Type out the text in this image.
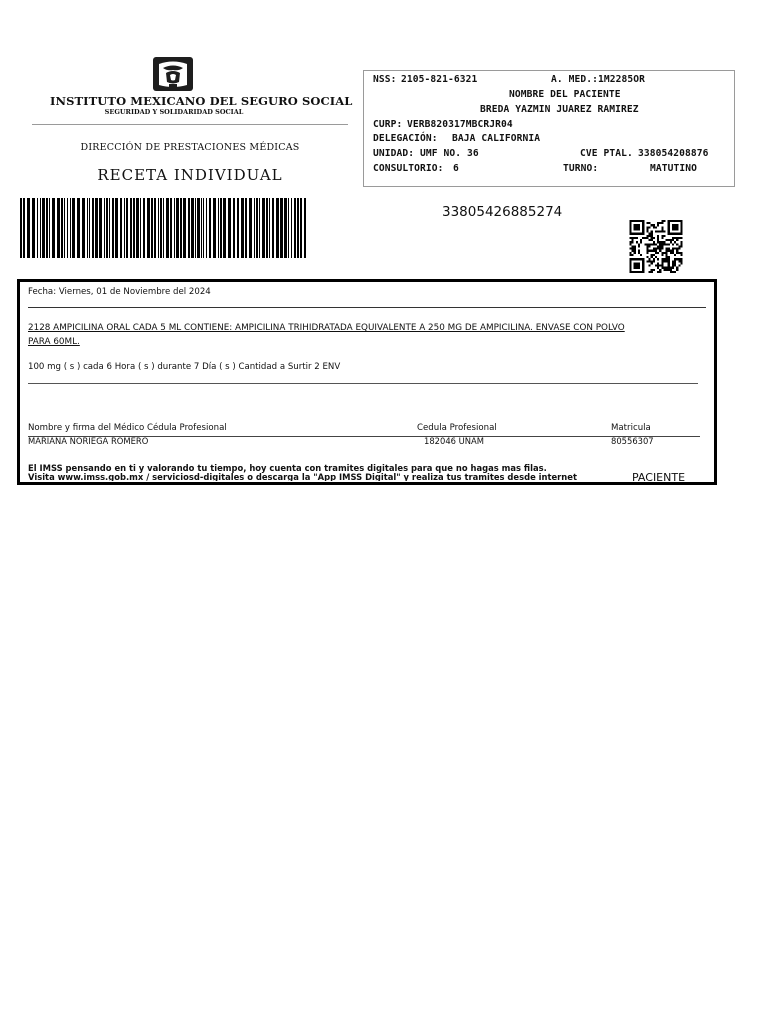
INSTITUTO MEXICANO DEL SEGURO SOCIAL
SEGURIDAD Y SOLIDARIDAD SOCIAL
DIRECCIÓN DE PRESTACIONES MÉDICAS
RECETA INDIVIDUAL
33805426885274
NSS: 2105-821-6321	A. MED.: 1M2285OR
NOMBRE DEL PACIENTE
BREDA YAZMIN JUAREZ RAMIREZ
CURP: VERB820317MBCRJR04
DELEGACIÓN: BAJA CALIFORNIA
UNIDAD: UMF NO. 36	CVE PTAL. 338054208876
CONSULTORIO: 6	TURNO:	MATUTINO
Fecha: Viernes, 01 de Noviembre del 2024
2128 AMPICILINA ORAL CADA 5 ML CONTIENE: AMPICILINA TRIHIDRATADA EQUIVALENTE A 250 MG DE AMPICILINA. ENVASE CON POLVO
PARA 60ML.
100 mg ( s ) cada 6 Hora ( s ) durante 7 Día ( s ) Cantidad a Surtir 2 ENV
Nombre y firma del Médico Cédula Profesional	Cedula Profesional	Matricula
MARIANA NORIEGA ROMERO	182046 UNAM	80556307
El IMSS pensando en ti y valorando tu tiempo, hoy cuenta con tramites digitales para que no hagas mas filas.
Visita www.imss.gob.mx / serviciosd-digitales o descarga la "App IMSS Digital" y realiza tus tramites desde internet	PACIENTE
